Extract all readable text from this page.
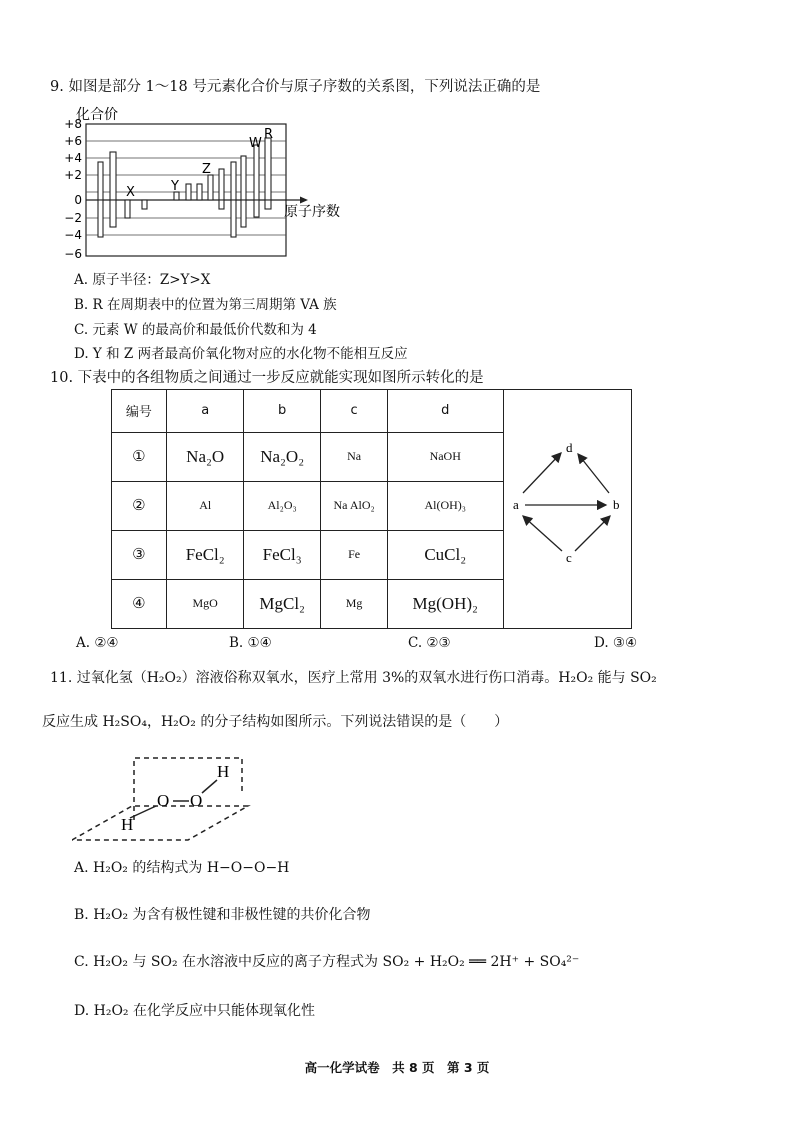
9. 如图是部分 1～18 号元素化合价与原子序数的关系图，下列说法正确的是
化合价
原子序数
+8
+6
+4
+2
0
−2
−4
−6
X	Y
Z
W
R
A. 原子半径：Z>Y>X
B. R 在周期表中的位置为第三周期第 VA 族
C. 元素 W 的最高价和最低价代数和为 4
D. Y 和 Z 两者最高价氧化物对应的水化物不能相互反应
10. 下表中的各组物质之间通过一步反应就能实现如图所示转化的是
编号	a	b	c	d
①	Na₂O	Na₂O₂	Na	NaOH
②	Al	Al₂O₃	Na AlO₂	Al(OH)₃
③	FeCl₂	FeCl₃	Fe	CuCl₂
④	MgO	MgCl₂	Mg	Mg(OH)₂
d
a	b
c
A. ②④	B. ①④	C. ②③	D. ③④
11. 过氧化氢（H₂O₂）溶液俗称双氧水，医疗上常用 3%的双氧水进行伤口消毒。H₂O₂ 能与 SO₂
反应生成 H₂SO₄，H₂O₂ 的分子结构如图所示。下列说法错误的是（　　）
H
O O
H
A. H₂O₂ 的结构式为 H−O−O−H
B. H₂O₂ 为含有极性键和非极性键的共价化合物
C. H₂O₂ 与 SO₂ 在水溶液中反应的离子方程式为 SO₂ + H₂O₂ ══ 2H⁺ + SO₄²⁻
D. H₂O₂ 在化学反应中只能体现氧化性
高一化学试卷　共 8 页　第 3 页
